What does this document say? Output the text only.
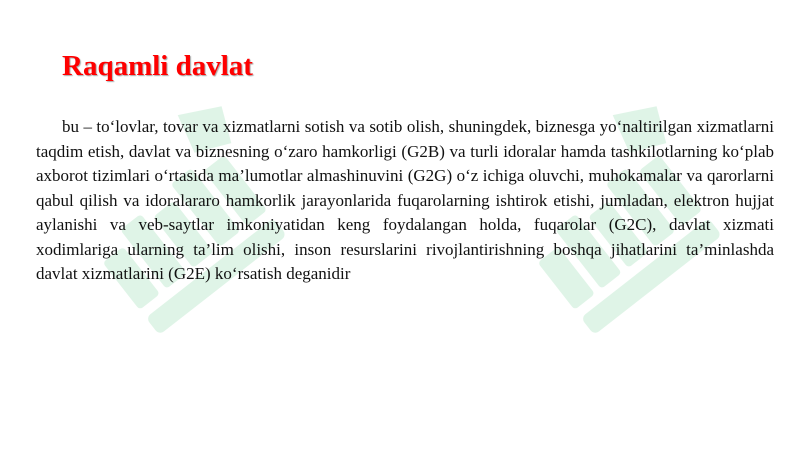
Raqamli davlat

bu – to‘lovlar, tovar va xizmatlarni sotish va sotib olish, shuningdek, biznesga yo‘naltirilgan xizmatlarni taqdim etish, davlat va biznesning o‘zaro hamkorligi (G2B) va turli idoralar hamda tashkilotlarning ko‘plab axborot tizimlari o‘rtasida ma’lumotlar almashinuvini (G2G) o‘z ichiga oluvchi, muhokamalar va qarorlarni qabul qilish va idoralararo hamkorlik jarayonlarida fuqarolarning ishtirok etishi, jumladan, elektron hujjat aylanishi va veb-saytlar imkoniyatidan keng foydalangan holda, fuqarolar (G2C), davlat xizmati xodimlariga ularning ta’lim olishi, inson resurslarini rivojlantirishning boshqa jihatlarini ta’minlashda davlat xizmatlarini (G2E) ko‘rsatish deganidir
